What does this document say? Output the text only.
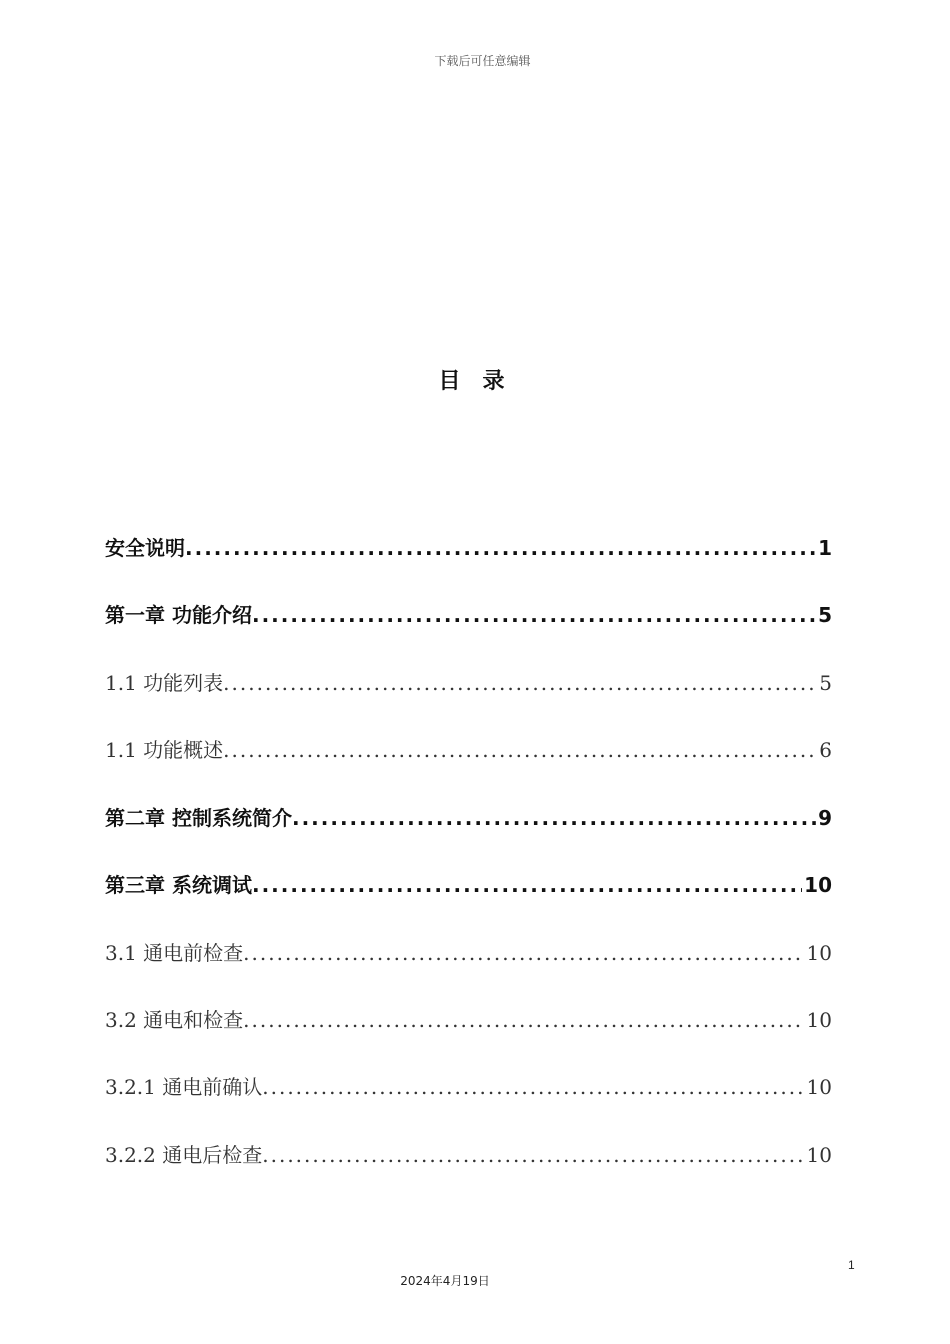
下载后可任意编辑
目录
安全说明 .....	1
第一章 功能介绍 .....	5
1.1 功能列表 .....	5
1.1 功能概述 .....	6
第二章 控制系统简介 .....	9
第三章 系统调试 .....	10
3.1 通电前检查 .....	10
3.2 通电和检查 .....	10
3.2.1 通电前确认 .....	10
3.2.2 通电后检查 .....	10
1
2024年4月19日
